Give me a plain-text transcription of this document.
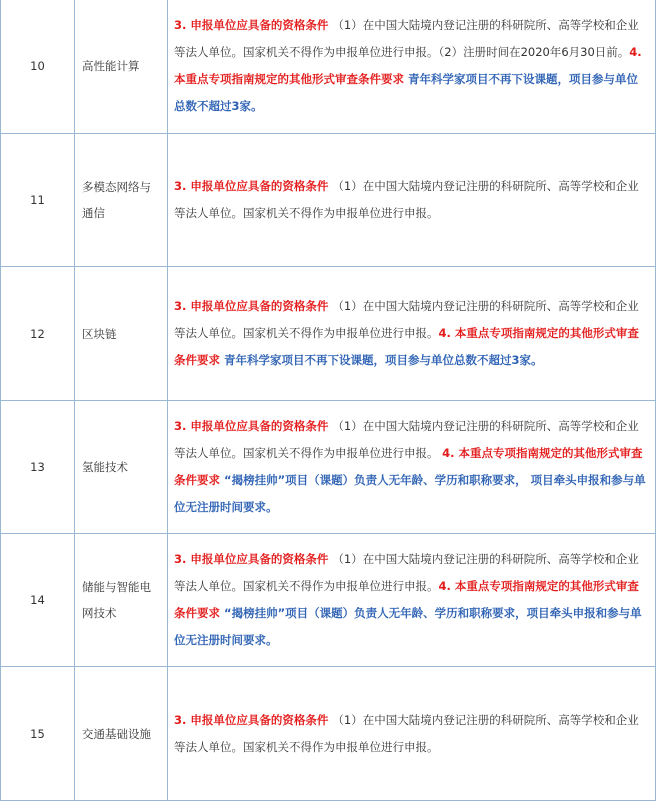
10	高性能计算	3. 申报单位应具备的资格条件 （1）在中国大陆境内登记注册的科研院所、高等学校和企业等法人单位。国家机关不得作为申报单位进行申报。（2）注册时间在2020年6月30日前。4. 本重点专项指南规定的其他形式审查条件要求 青年科学家项目不再下设课题，项目参与单位总数不超过3家。
11	多模态网络与通信	3. 申报单位应具备的资格条件 （1）在中国大陆境内登记注册的科研院所、高等学校和企业 等法人单位。国家机关不得作为申报单位进行申报。
12	区块链	3. 申报单位应具备的资格条件 （1）在中国大陆境内登记注册的科研院所、高等学校和企业等法人单位。国家机关不得作为申报单位进行申报。4. 本重点专项指南规定的其他形式审查条件要求 青年科学家项目不再下设课题，项目参与单位总数不超过3家。
13	氢能技术	3. 申报单位应具备的资格条件 （1）在中国大陆境内登记注册的科研院所、高等学校和企业等法人单位。国家机关不得作为申报单位进行申报。 4. 本重点专项指南规定的其他形式审查条件要求 “揭榜挂帅”项目（课题）负责人无年龄、学历和职称要求， 项目牵头申报和参与单位无注册时间要求。
14	储能与智能电网技术	3. 申报单位应具备的资格条件 （1）在中国大陆境内登记注册的科研院所、高等学校和企业等法人单位。国家机关不得作为申报单位进行申报。4. 本重点专项指南规定的其他形式审查条件要求 “揭榜挂帅”项目（课题）负责人无年龄、学历和职称要求，项目牵头申报和参与单位无注册时间要求。
15	交通基础设施	3. 申报单位应具备的资格条件 （1）在中国大陆境内登记注册的科研院所、高等学校和企业等法人单位。国家机关不得作为申报单位进行申报。
